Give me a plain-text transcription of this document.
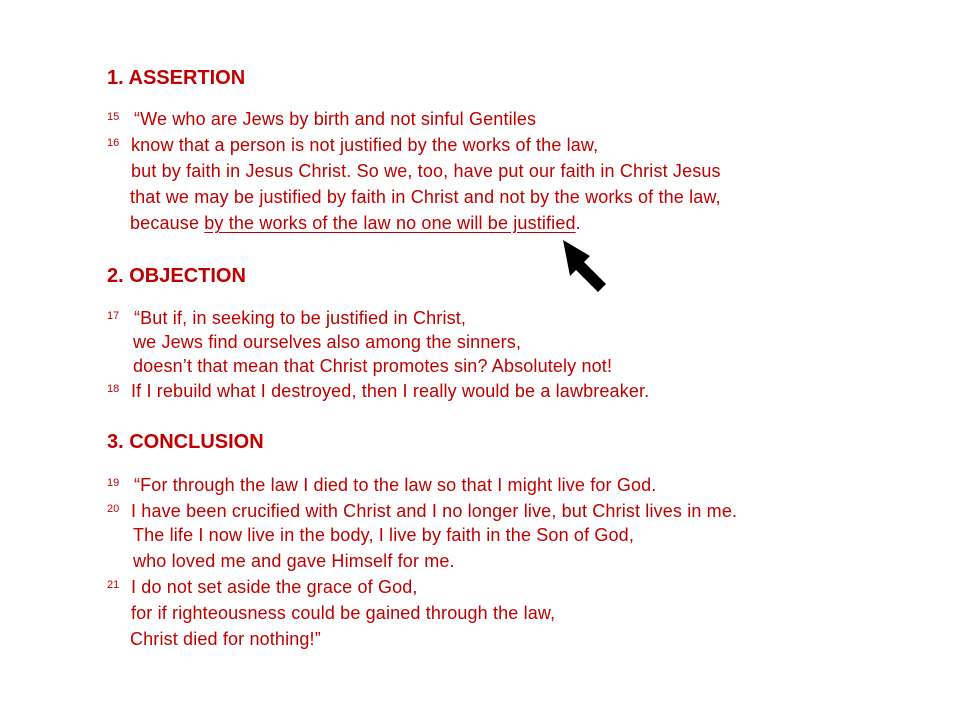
1. ASSERTION
15 “We who are Jews by birth and not sinful Gentiles
16 know that a person is not justified by the works of the law,
but by faith in Jesus Christ. So we, too, have put our faith in Christ Jesus
that we may be justified by faith in Christ and not by the works of the law,
because by the works of the law no one will be justified.
2. OBJECTION
17 “But if, in seeking to be justified in Christ,
we Jews find ourselves also among the sinners,
doesn’t that mean that Christ promotes sin? Absolutely not!
18 If I rebuild what I destroyed, then I really would be a lawbreaker.
3. CONCLUSION
19 “For through the law I died to the law so that I might live for God.
20 I have been crucified with Christ and I no longer live, but Christ lives in me.
The life I now live in the body, I live by faith in the Son of God,
who loved me and gave Himself for me.
21 I do not set aside the grace of God,
for if righteousness could be gained through the law,
Christ died for nothing!”
